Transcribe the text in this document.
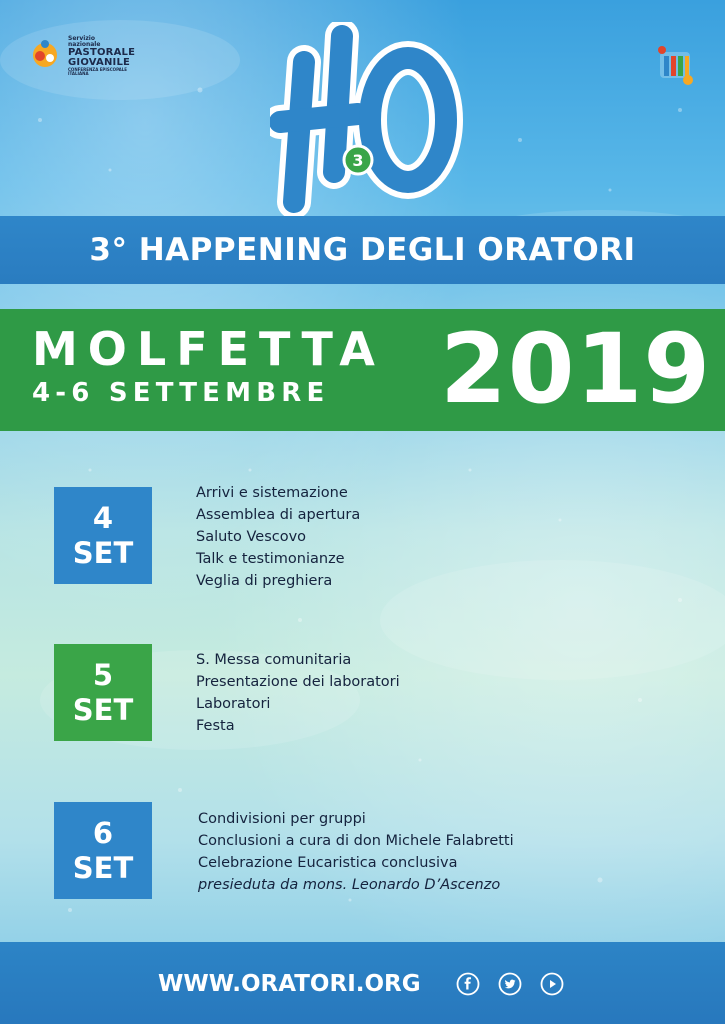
Servizio
nazionale
PASTORALE
GIOVANILE
CONFERENZA EPISCOPALE ITALIANA
3
3° HAPPENING DEGLI ORATORI
MOLFETTA
4-6 SETTEMBRE	2019
4
SET
Arrivi e sistemazione
Assemblea di apertura
Saluto Vescovo
Talk e testimonianze
Veglia di preghiera
5
SET
S. Messa comunitaria
Presentazione dei laboratori
Laboratori
Festa
6
SET
Condivisioni per gruppi
Conclusioni a cura di don Michele Falabretti
Celebrazione Eucaristica conclusiva
presieduta da mons. Leonardo D’Ascenzo
WWW.ORATORI.ORG
